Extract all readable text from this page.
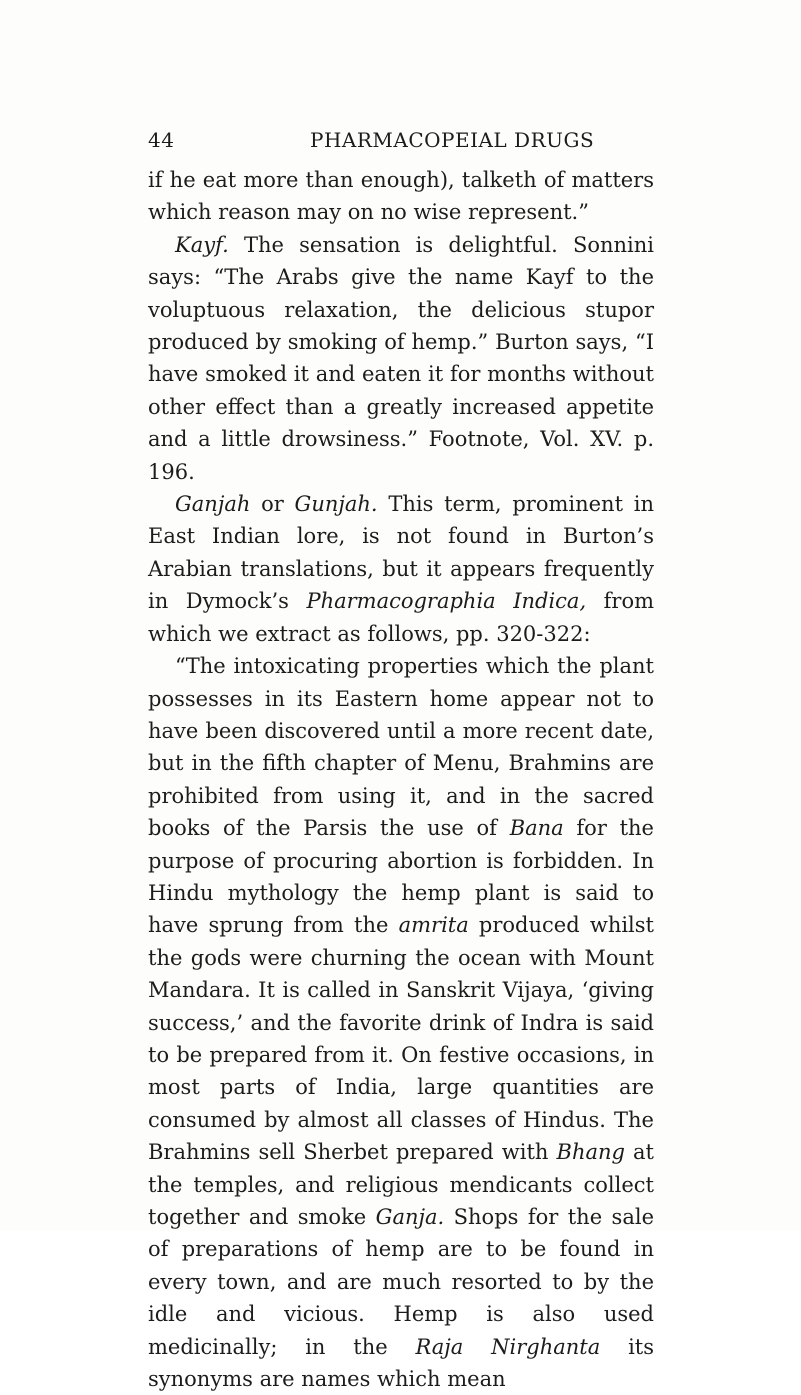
44	PHARMACOPEIAL DRUGS

if he eat more than enough), talketh of matters which reason may on no wise represent.”

Kayf. The sensation is delightful. Sonnini says: “The Arabs give the name Kayf to the voluptuous relaxation, the delicious stupor produced by smoking of hemp.” Burton says, “I have smoked it and eaten it for months without other effect than a greatly increased appetite and a little drowsiness.” Footnote, Vol. XV. p. 196.

Ganjah or Gunjah. This term, prominent in East Indian lore, is not found in Burton’s Arabian translations, but it appears frequently in Dymock’s Pharmacographia Indica, from which we extract as follows, pp. 320-322:

“The intoxicating properties which the plant possesses in its Eastern home appear not to have been discovered until a more recent date, but in the fifth chapter of Menu, Brahmins are prohibited from using it, and in the sacred books of the Parsis the use of Bana for the purpose of procuring abortion is forbidden. In Hindu mythology the hemp plant is said to have sprung from the amrita produced whilst the gods were churning the ocean with Mount Mandara. It is called in Sanskrit Vijaya, ‘giving success,’ and the favorite drink of Indra is said to be prepared from it. On festive occasions, in most parts of India, large quantities are consumed by almost all classes of Hindus. The Brahmins sell Sherbet prepared with Bhang at the temples, and religious mendicants collect together and smoke Ganja. Shops for the sale of preparations of hemp are to be found in every town, and are much resorted to by the idle and vicious. Hemp is also used medicinally; in the Raja Nirghanta its synonyms are names which mean
